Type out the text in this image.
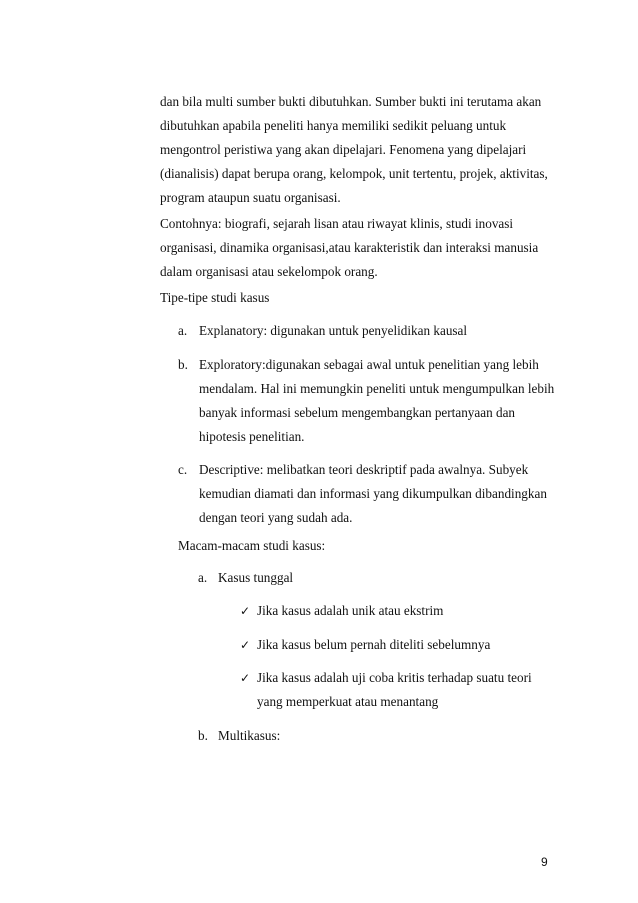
dan bila multi sumber bukti dibutuhkan. Sumber bukti ini terutama akan
dibutuhkan apabila peneliti hanya memiliki sedikit peluang untuk
mengontrol peristiwa yang akan dipelajari. Fenomena yang dipelajari
(dianalisis) dapat berupa orang, kelompok, unit tertentu, projek, aktivitas,
program ataupun suatu organisasi.
Contohnya: biografi, sejarah lisan atau riwayat klinis, studi inovasi
organisasi, dinamika organisasi,atau karakteristik dan interaksi manusia
dalam organisasi atau sekelompok orang.
Tipe-tipe studi kasus
a. Explanatory: digunakan untuk penyelidikan kausal
b. Exploratory:digunakan sebagai awal untuk penelitian yang lebih
mendalam. Hal ini memungkin peneliti untuk mengumpulkan lebih
banyak informasi sebelum mengembangkan pertanyaan dan
hipotesis penelitian.
c. Descriptive: melibatkan teori deskriptif pada awalnya. Subyek
kemudian diamati dan informasi yang dikumpulkan dibandingkan
dengan teori yang sudah ada.
Macam-macam studi kasus:
a. Kasus tunggal
✓ Jika kasus adalah unik atau ekstrim
✓ Jika kasus belum pernah diteliti sebelumnya
✓ Jika kasus adalah uji coba kritis terhadap suatu teori
yang memperkuat atau menantang
b. Multikasus:
9
